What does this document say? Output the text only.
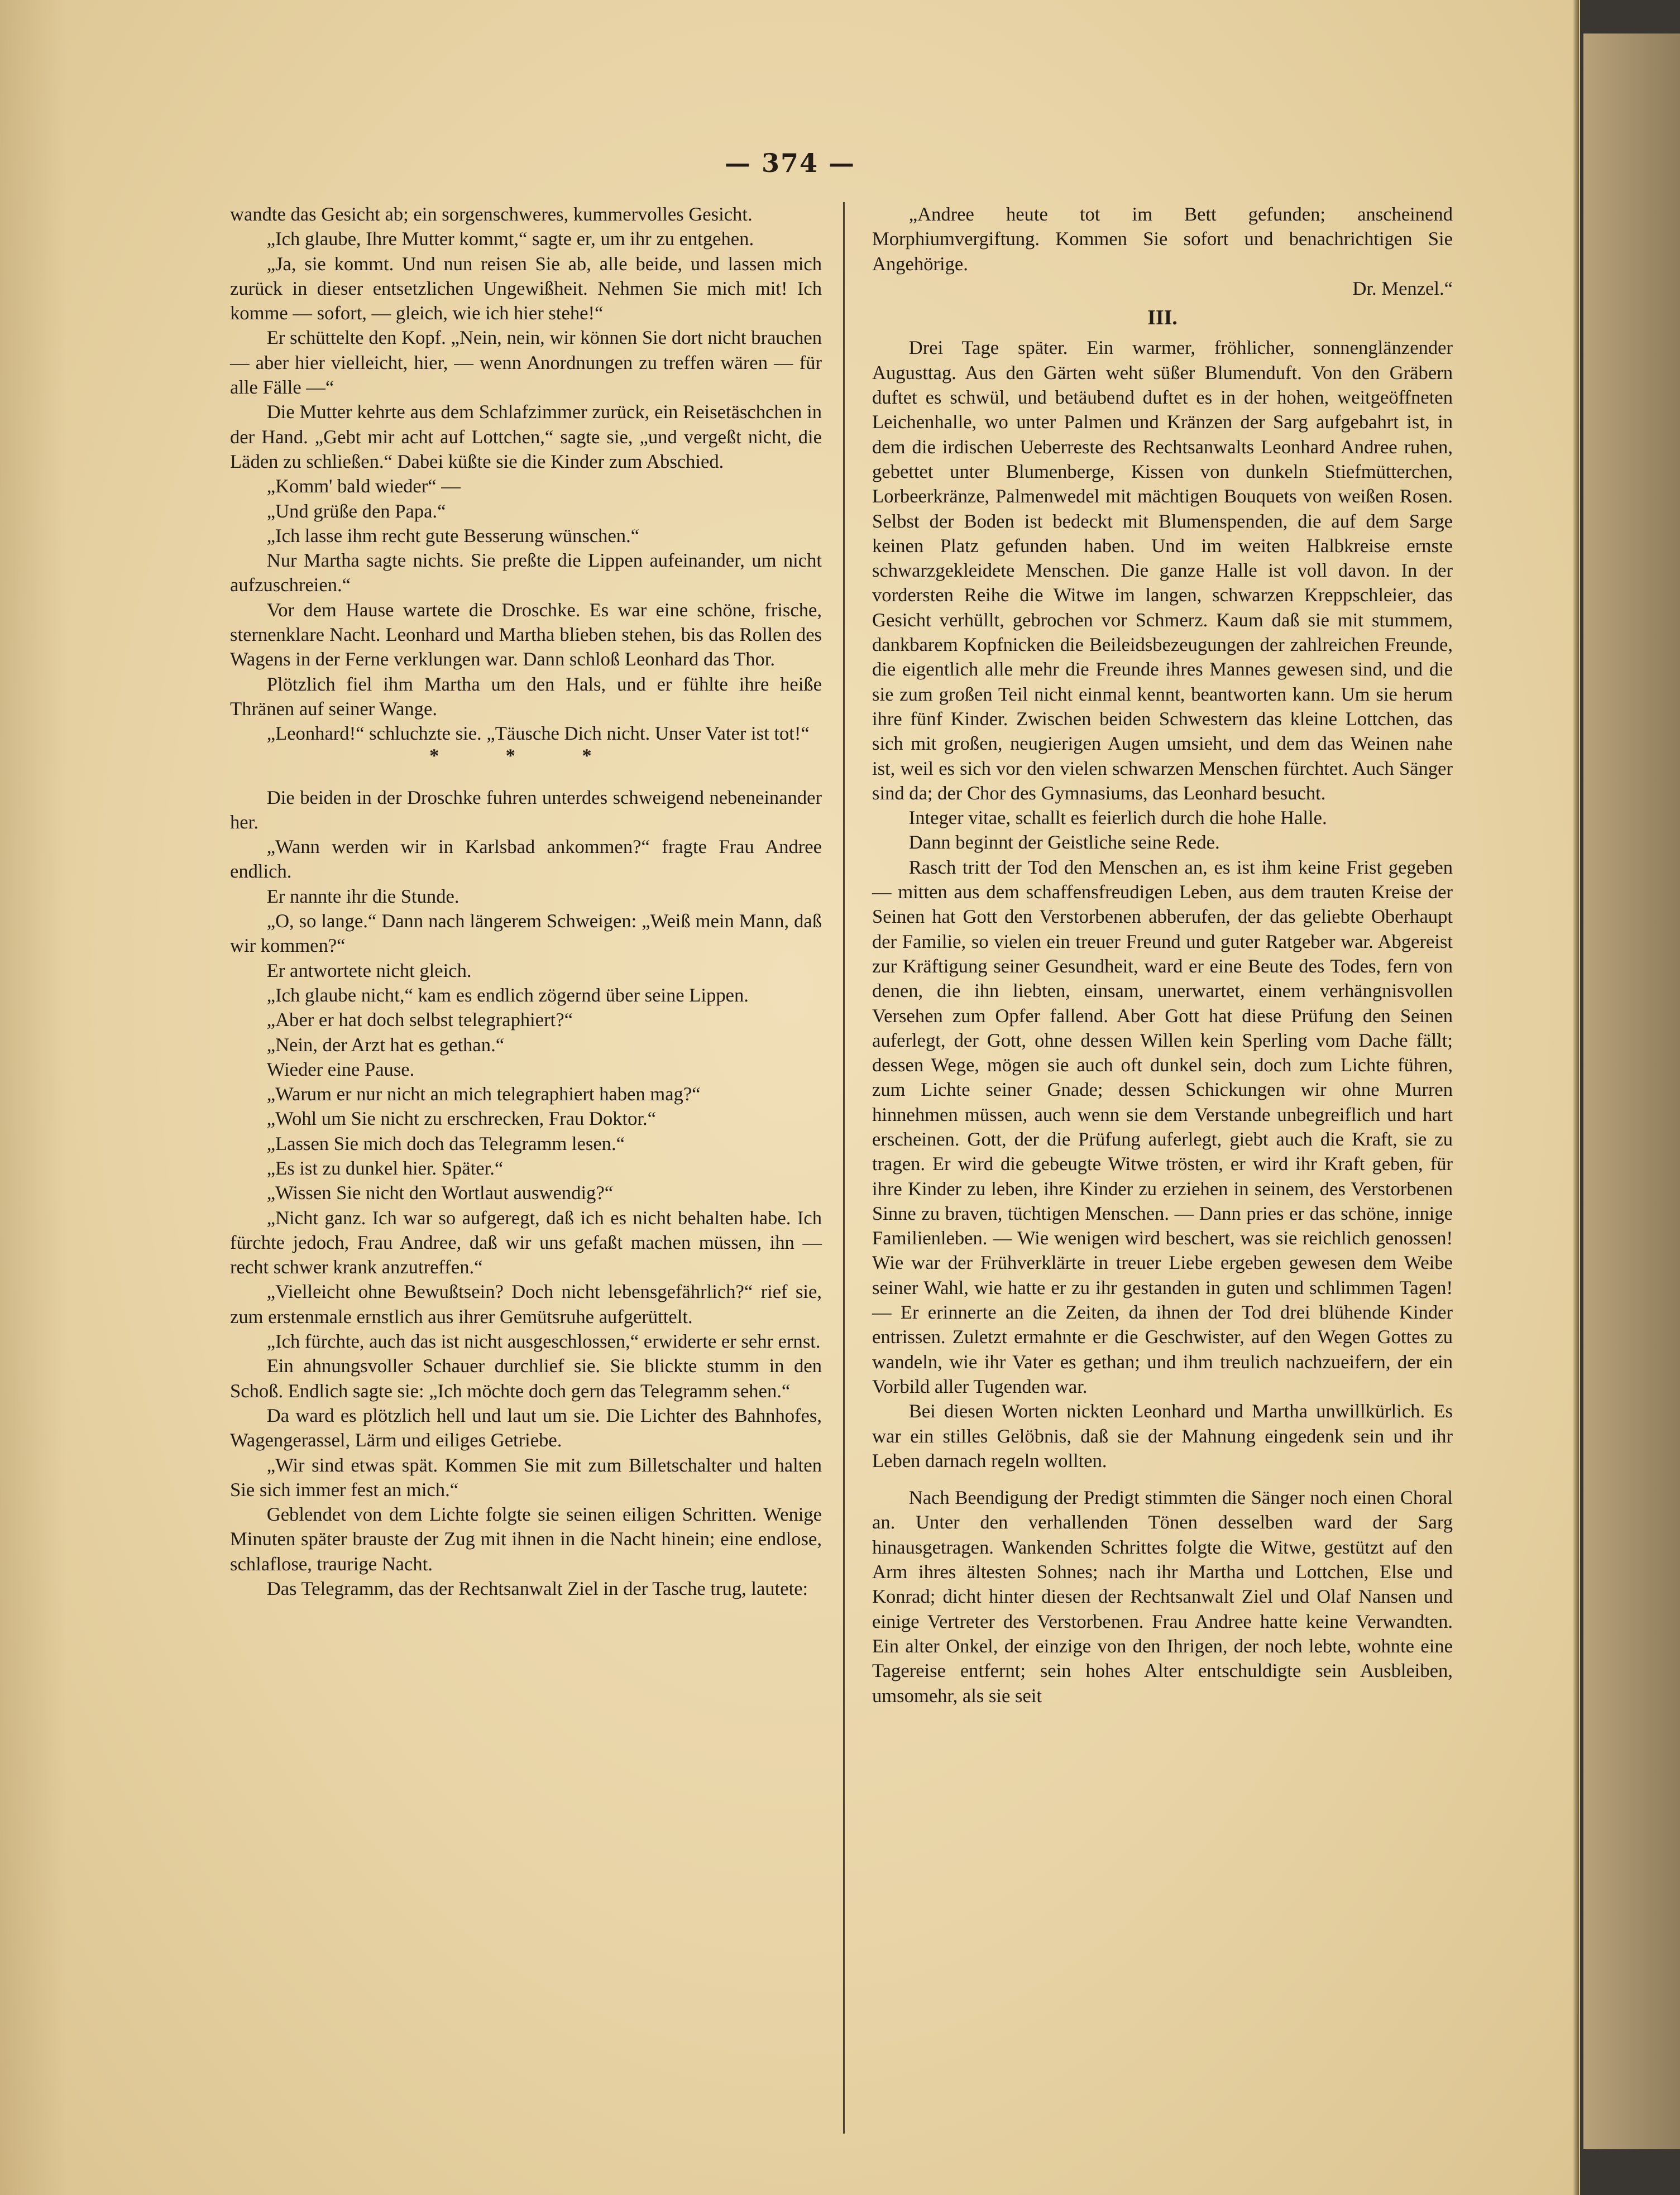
— 374 —

wandte das Gesicht ab; ein sorgenschweres, kummervolles Gesicht.

„Ich glaube, Ihre Mutter kommt,“ sagte er, um ihr zu entgehen.

„Ja, sie kommt. Und nun reisen Sie ab, alle beide, und lassen mich zurück in dieser entsetzlichen Ungewißheit. Nehmen Sie mich mit! Ich komme — sofort, — gleich, wie ich hier stehe!“

Er schüttelte den Kopf. „Nein, nein, wir können Sie dort nicht brauchen — aber hier vielleicht, hier, — wenn Anordnungen zu treffen wären — für alle Fälle —“

Die Mutter kehrte aus dem Schlafzimmer zurück, ein Reisetäschchen in der Hand. „Gebt mir acht auf Lottchen,“ sagte sie, „und vergeßt nicht, die Läden zu schließen.“ Dabei küßte sie die Kinder zum Abschied.

„Komm' bald wieder“ —

„Und grüße den Papa.“

„Ich lasse ihm recht gute Besserung wünschen.“

Nur Martha sagte nichts. Sie preßte die Lippen aufeinander, um nicht aufzuschreien.“

Vor dem Hause wartete die Droschke. Es war eine schöne, frische, sternenklare Nacht. Leonhard und Martha blieben stehen, bis das Rollen des Wagens in der Ferne verklungen war. Dann schloß Leonhard das Thor.

Plötzlich fiel ihm Martha um den Hals, und er fühlte ihre heiße Thränen auf seiner Wange.

„Leonhard!“ schluchzte sie. „Täusche Dich nicht. Unser Vater ist tot!“

* * *

Die beiden in der Droschke fuhren unterdes schweigend nebeneinander her.

„Wann werden wir in Karlsbad ankommen?“ fragte Frau Andree endlich.

Er nannte ihr die Stunde.

„O, so lange.“ Dann nach längerem Schweigen: „Weiß mein Mann, daß wir kommen?“

Er antwortete nicht gleich.

„Ich glaube nicht,“ kam es endlich zögernd über seine Lippen.

„Aber er hat doch selbst telegraphiert?“

„Nein, der Arzt hat es gethan.“

Wieder eine Pause.

„Warum er nur nicht an mich telegraphiert haben mag?“

„Wohl um Sie nicht zu erschrecken, Frau Doktor.“

„Lassen Sie mich doch das Telegramm lesen.“

„Es ist zu dunkel hier. Später.“

„Wissen Sie nicht den Wortlaut auswendig?“

„Nicht ganz. Ich war so aufgeregt, daß ich es nicht behalten habe. Ich fürchte jedoch, Frau Andree, daß wir uns gefaßt machen müssen, ihn — recht schwer krank anzutreffen.“

„Vielleicht ohne Bewußtsein? Doch nicht lebensgefährlich?“ rief sie, zum erstenmale ernstlich aus ihrer Gemütsruhe aufgerüttelt.

„Ich fürchte, auch das ist nicht ausgeschlossen,“ erwiderte er sehr ernst.

Ein ahnungsvoller Schauer durchlief sie. Sie blickte stumm in den Schoß. Endlich sagte sie: „Ich möchte doch gern das Telegramm sehen.“

Da ward es plötzlich hell und laut um sie. Die Lichter des Bahnhofes, Wagengerassel, Lärm und eiliges Getriebe.

„Wir sind etwas spät. Kommen Sie mit zum Billetschalter und halten Sie sich immer fest an mich.“

Geblendet von dem Lichte folgte sie seinen eiligen Schritten. Wenige Minuten später brauste der Zug mit ihnen in die Nacht hinein; eine endlose, schlaflose, traurige Nacht.

Das Telegramm, das der Rechtsanwalt Ziel in der Tasche trug, lautete:

„Andree heute tot im Bett gefunden; anscheinend Morphiumvergiftung. Kommen Sie sofort und benachrichtigen Sie Angehörige.

Dr. Menzel.“

III.

Drei Tage später. Ein warmer, fröhlicher, sonnenglänzender Augusttag. Aus den Gärten weht süßer Blumenduft. Von den Gräbern duftet es schwül, und betäubend duftet es in der hohen, weitgeöffneten Leichenhalle, wo unter Palmen und Kränzen der Sarg aufgebahrt ist, in dem die irdischen Ueberreste des Rechtsanwalts Leonhard Andree ruhen, gebettet unter Blumenberge, Kissen von dunkeln Stiefmütterchen, Lorbeerkränze, Palmenwedel mit mächtigen Bouquets von weißen Rosen. Selbst der Boden ist bedeckt mit Blumenspenden, die auf dem Sarge keinen Platz gefunden haben. Und im weiten Halbkreise ernste schwarzgekleidete Menschen. Die ganze Halle ist voll davon. In der vordersten Reihe die Witwe im langen, schwarzen Kreppschleier, das Gesicht verhüllt, gebrochen vor Schmerz. Kaum daß sie mit stummem, dankbarem Kopfnicken die Beileidsbezeugungen der zahlreichen Freunde, die eigentlich alle mehr die Freunde ihres Mannes gewesen sind, und die sie zum großen Teil nicht einmal kennt, beantworten kann. Um sie herum ihre fünf Kinder. Zwischen beiden Schwestern das kleine Lottchen, das sich mit großen, neugierigen Augen umsieht, und dem das Weinen nahe ist, weil es sich vor den vielen schwarzen Menschen fürchtet. Auch Sänger sind da; der Chor des Gymnasiums, das Leonhard besucht.

Integer vitae, schallt es feierlich durch die hohe Halle.

Dann beginnt der Geistliche seine Rede.

Rasch tritt der Tod den Menschen an, es ist ihm keine Frist gegeben — mitten aus dem schaffensfreudigen Leben, aus dem trauten Kreise der Seinen hat Gott den Verstorbenen abberufen, der das geliebte Oberhaupt der Familie, so vielen ein treuer Freund und guter Ratgeber war. Abgereist zur Kräftigung seiner Gesundheit, ward er eine Beute des Todes, fern von denen, die ihn liebten, einsam, unerwartet, einem verhängnisvollen Versehen zum Opfer fallend. Aber Gott hat diese Prüfung den Seinen auferlegt, der Gott, ohne dessen Willen kein Sperling vom Dache fällt; dessen Wege, mögen sie auch oft dunkel sein, doch zum Lichte führen, zum Lichte seiner Gnade; dessen Schickungen wir ohne Murren hinnehmen müssen, auch wenn sie dem Verstande unbegreiflich und hart erscheinen. Gott, der die Prüfung auferlegt, giebt auch die Kraft, sie zu tragen. Er wird die gebeugte Witwe trösten, er wird ihr Kraft geben, für ihre Kinder zu leben, ihre Kinder zu erziehen in seinem, des Verstorbenen Sinne zu braven, tüchtigen Menschen. — Dann pries er das schöne, innige Familienleben. — Wie wenigen wird beschert, was sie reichlich genossen! Wie war der Frühverklärte in treuer Liebe ergeben gewesen dem Weibe seiner Wahl, wie hatte er zu ihr gestanden in guten und schlimmen Tagen! — Er erinnerte an die Zeiten, da ihnen der Tod drei blühende Kinder entrissen. Zuletzt ermahnte er die Geschwister, auf den Wegen Gottes zu wandeln, wie ihr Vater es gethan; und ihm treulich nachzueifern, der ein Vorbild aller Tugenden war.

Bei diesen Worten nickten Leonhard und Martha unwillkürlich. Es war ein stilles Gelöbnis, daß sie der Mahnung eingedenk sein und ihr Leben darnach regeln wollten.

Nach Beendigung der Predigt stimmten die Sänger noch einen Choral an. Unter den verhallenden Tönen desselben ward der Sarg hinausgetragen. Wankenden Schrittes folgte die Witwe, gestützt auf den Arm ihres ältesten Sohnes; nach ihr Martha und Lottchen, Else und Konrad; dicht hinter diesen der Rechtsanwalt Ziel und Olaf Nansen und einige Vertreter des Verstorbenen. Frau Andree hatte keine Verwandten. Ein alter Onkel, der einzige von den Ihrigen, der noch lebte, wohnte eine Tagereise entfernt; sein hohes Alter entschuldigte sein Ausbleiben, umsomehr, als sie seit
